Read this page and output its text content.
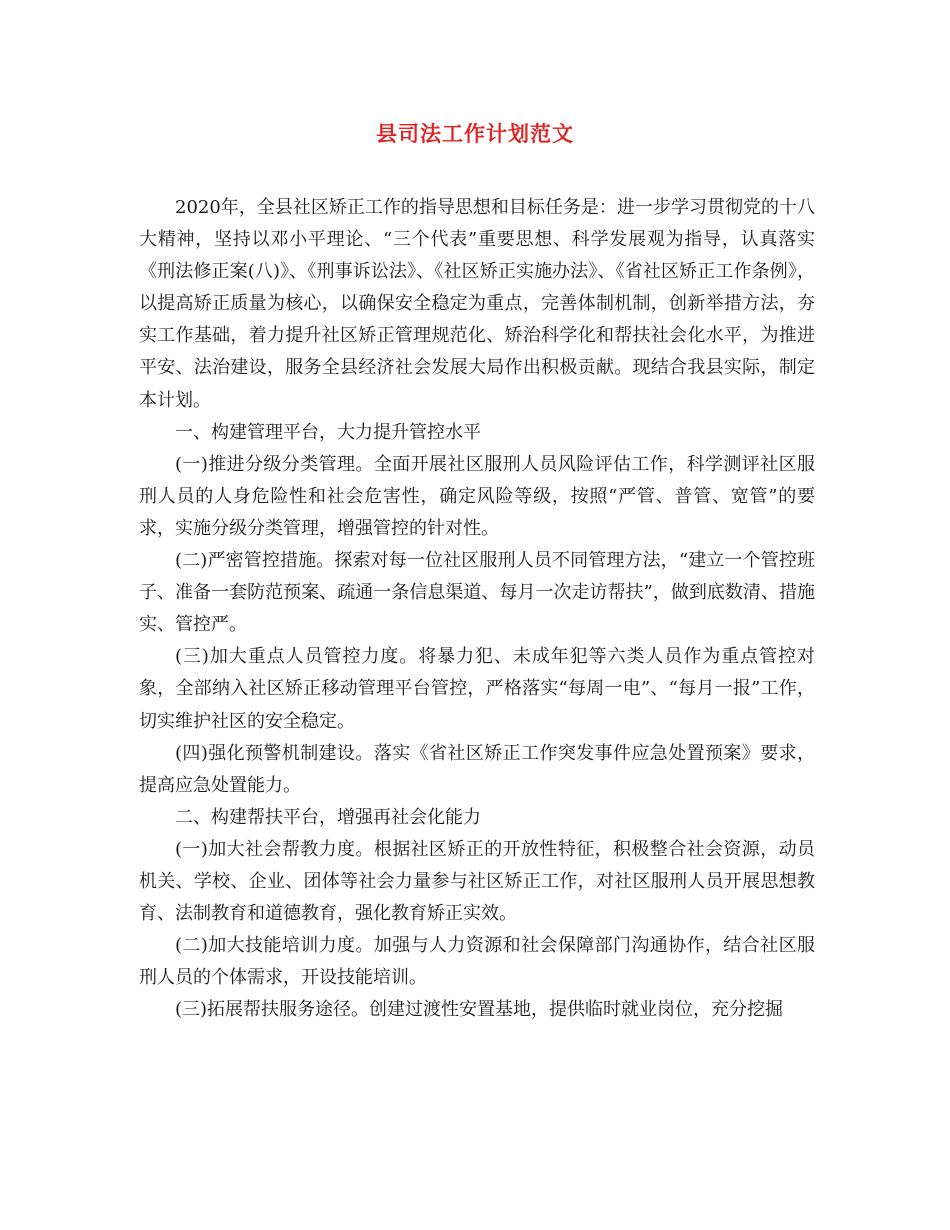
县司法工作计划范文

2020年，全县社区矫正工作的指导思想和目标任务是：进一步学习贯彻党的十八大精神，坚持以邓小平理论、“三个代表”重要思想、科学发展观为指导，认真落实《刑法修正案(八)》、《刑事诉讼法》、《社区矫正实施办法》、《省社区矫正工作条例》，以提高矫正质量为核心，以确保安全稳定为重点，完善体制机制，创新举措方法，夯实工作基础，着力提升社区矫正管理规范化、矫治科学化和帮扶社会化水平，为推进平安、法治建设，服务全县经济社会发展大局作出积极贡献。现结合我县实际，制定本计划。

一、构建管理平台，大力提升管控水平

(一)推进分级分类管理。全面开展社区服刑人员风险评估工作，科学测评社区服刑人员的人身危险性和社会危害性，确定风险等级，按照“严管、普管、宽管”的要求，实施分级分类管理，增强管控的针对性。

(二)严密管控措施。探索对每一位社区服刑人员不同管理方法，“建立一个管控班子、准备一套防范预案、疏通一条信息渠道、每月一次走访帮扶”，做到底数清、措施实、管控严。

(三)加大重点人员管控力度。将暴力犯、未成年犯等六类人员作为重点管控对象，全部纳入社区矫正移动管理平台管控，严格落实“每周一电”、“每月一报”工作，切实维护社区的安全稳定。

(四)强化预警机制建设。落实《省社区矫正工作突发事件应急处置预案》要求，提高应急处置能力。

二、构建帮扶平台，增强再社会化能力

(一)加大社会帮教力度。根据社区矫正的开放性特征，积极整合社会资源，动员机关、学校、企业、团体等社会力量参与社区矫正工作，对社区服刑人员开展思想教育、法制教育和道德教育，强化教育矫正实效。

(二)加大技能培训力度。加强与人力资源和社会保障部门沟通协作，结合社区服刑人员的个体需求，开设技能培训。

(三)拓展帮扶服务途径。创建过渡性安置基地，提供临时就业岗位，充分挖掘
